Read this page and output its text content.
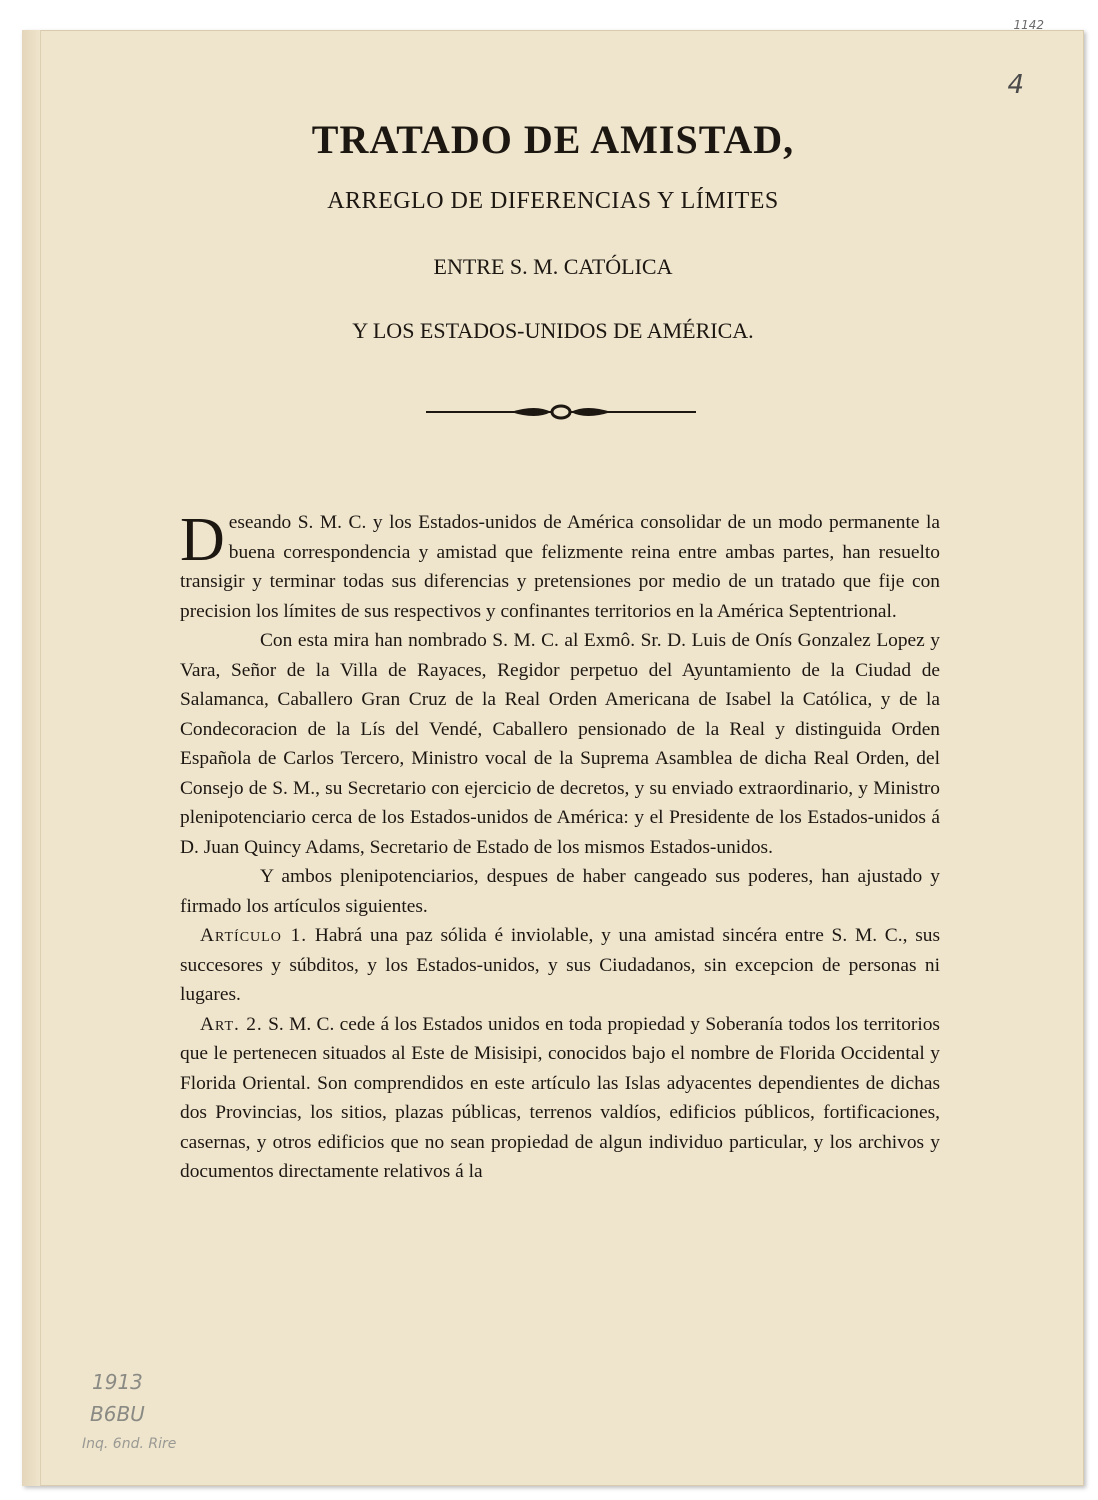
1142
4
TRATADO DE AMISTAD,
ARREGLO DE DIFERENCIAS Y LÍMITES
ENTRE S. M. CATÓLICA
Y LOS ESTADOS-UNIDOS DE AMÉRICA.

Deseando S. M. C. y los Estados-unidos de América consolidar de un modo permanente la buena correspondencia y amistad que felizmente reina entre ambas partes, han resuelto transigir y terminar todas sus diferencias y pretensiones por medio de un tratado que fije con precision los límites de sus respectivos y confinantes territorios en la América Septentrional.

Con esta mira han nombrado S. M. C. al Exmô. Sr. D. Luis de Onís Gonzalez Lopez y Vara, Señor de la Villa de Rayaces, Regidor perpetuo del Ayuntamiento de la Ciudad de Salamanca, Caballero Gran Cruz de la Real Orden Americana de Isabel la Católica, y de la Condecoracion de la Lís del Vendé, Caballero pensionado de la Real y distinguida Orden Española de Carlos Tercero, Ministro vocal de la Suprema Asamblea de dicha Real Orden, del Consejo de S. M., su Secretario con ejercicio de decretos, y su enviado extraordinario, y Ministro plenipotenciario cerca de los Estados-unidos de América: y el Presidente de los Estados-unidos á D. Juan Quincy Adams, Secretario de Estado de los mismos Estados-unidos.

Y ambos plenipotenciarios, despues de haber cangeado sus poderes, han ajustado y firmado los artículos siguientes.

Artículo 1. Habrá una paz sólida é inviolable, y una amistad sincéra entre S. M. C., sus succesores y súbditos, y los Estados-unidos, y sus Ciudadanos, sin excepcion de personas ni lugares.

Art. 2. S. M. C. cede á los Estados unidos en toda propiedad y Soberanía todos los territorios que le pertenecen situados al Este de Misisipi, conocidos bajo el nombre de Florida Occidental y Florida Oriental. Son comprendidos en este artículo las Islas adyacentes dependientes de dichas dos Provincias, los sitios, plazas públicas, terrenos valdíos, edificios públicos, fortificaciones, casernas, y otros edificios que no sean propiedad de algun individuo particular, y los archivos y documentos directamente relativos á la

1913
B6BU
Inq. 6nd. Rire
